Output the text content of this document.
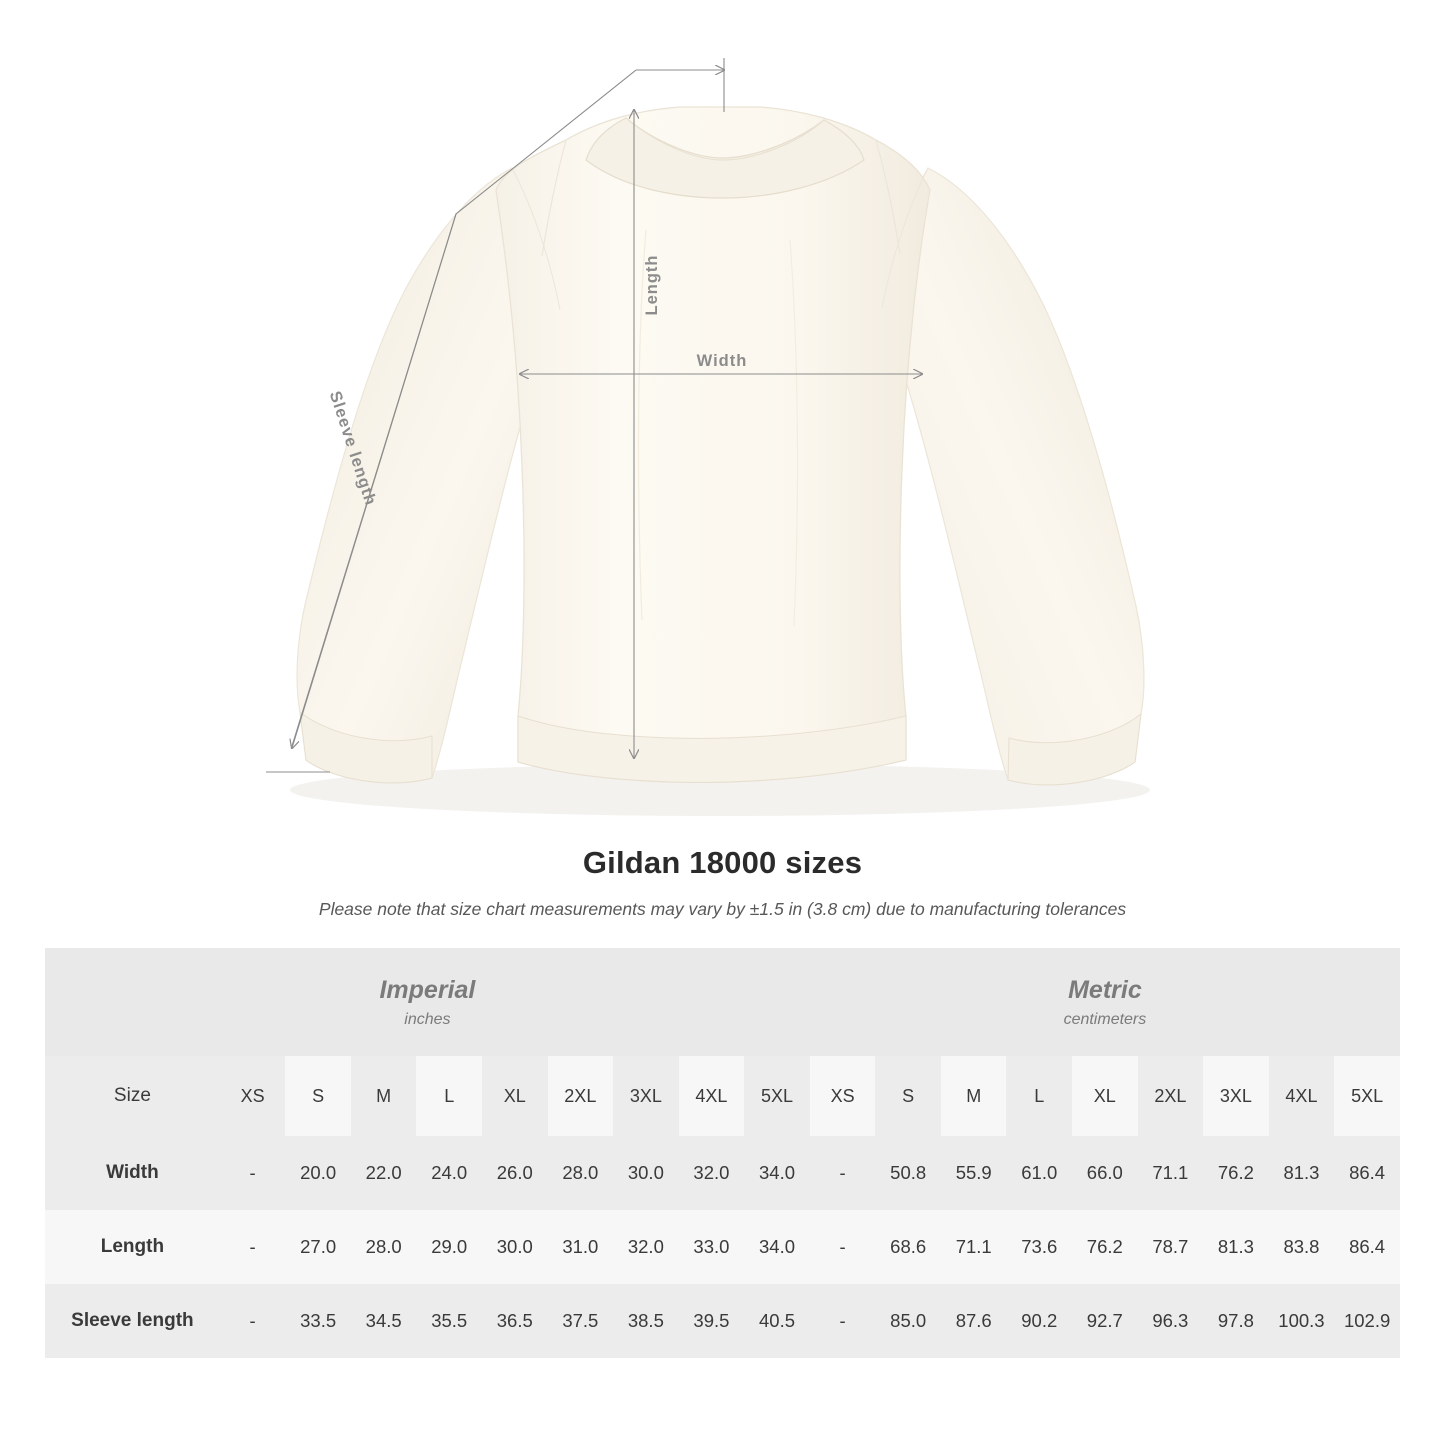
Length
Width
Sleeve length
Gildan 18000 sizes
Please note that size chart measurements may vary by ±1.5 in (3.8 cm) due to manufacturing tolerances
Imperial
inches

Metric
centimeters

Size	XS	S	M	L	XL	2XL	3XL	4XL	5XL	XS	S	M	L	XL	2XL	3XL	4XL	5XL
Width	-	20.0	22.0	24.0	26.0	28.0	30.0	32.0	34.0	-	50.8	55.9	61.0	66.0	71.1	76.2	81.3	86.4
Length	-	27.0	28.0	29.0	30.0	31.0	32.0	33.0	34.0	-	68.6	71.1	73.6	76.2	78.7	81.3	83.8	86.4
Sleeve length	-	33.5	34.5	35.5	36.5	37.5	38.5	39.5	40.5	-	85.0	87.6	90.2	92.7	96.3	97.8	100.3	102.9
